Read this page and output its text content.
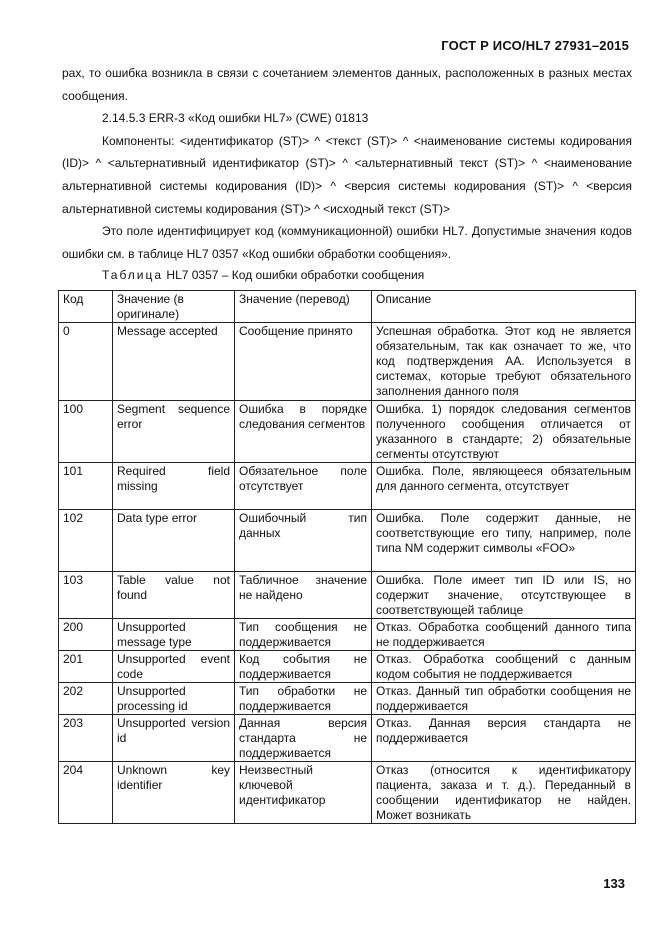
ГОСТ Р ИСО/HL7 27931–2015

рах, то ошибка возникла в связи с сочетанием элементов данных, расположенных в разных местах сообщения.

2.14.5.3 ERR-3 «Код ошибки HL7» (CWE) 01813

Компоненты: <идентификатор (ST)> ^ <текст (ST)> ^ <наименование системы кодирования (ID)> ^ <альтернативный идентификатор (ST)> ^ <альтернативный текст (ST)> ^ <наименование альтернативной системы кодирования (ID)> ^ <версия системы кодирования (ST)> ^ <версия альтернативной системы кодирования (ST)> ^ <исходный текст (ST)>

Это поле идентифицирует код (коммуникационной) ошибки HL7. Допустимые значения кодов ошибки см. в таблице HL7 0357 «Код ошибки обработки сообщения».

Таблица HL7 0357 – Код ошибки обработки сообщения
Код	Значение (в оригинале)	Значение (перевод)	Описание
0	Message accepted	Сообщение принято	Успешная обработка. Этот код не является обязательным, так как означает то же, что код подтверждения AA. Используется в системах, которые требуют обязательного заполнения данного поля
100	Segment sequence error	Ошибка в порядке следования сегментов	Ошибка. 1) порядок следования сегментов полученного сообщения отличается от указанного в стандарте; 2) обязательные сегменты отсутствуют
101	Required field missing	Обязательное поле отсутствует	Ошибка. Поле, являющееся обязательным для данного сегмента, отсутствует
102	Data type error	Ошибочный тип данных	Ошибка. Поле содержит данные, не соответствующие его типу, например, поле типа NM содержит символы «FOO»
103	Table value not found	Табличное значение не найдено	Ошибка. Поле имеет тип ID или IS, но содержит значение, отсутствующее в соответствующей таблице
200	Unsupported message type	Тип сообщения не поддерживается	Отказ. Обработка сообщений данного типа не поддерживается
201	Unsupported event code	Код события не поддерживается	Отказ. Обработка сообщений с данным кодом события не поддерживается
202	Unsupported processing id	Тип обработки не поддерживается	Отказ. Данный тип обработки сообщения не поддерживается
203	Unsupported version id	Данная версия стандарта не поддерживается	Отказ. Данная версия стандарта не поддерживается
204	Unknown key identifier	Неизвестный ключевой идентификатор	Отказ (относится к идентификатору пациента, заказа и т. д.). Переданный в сообщении идентификатор не найден. Может возникать
133
